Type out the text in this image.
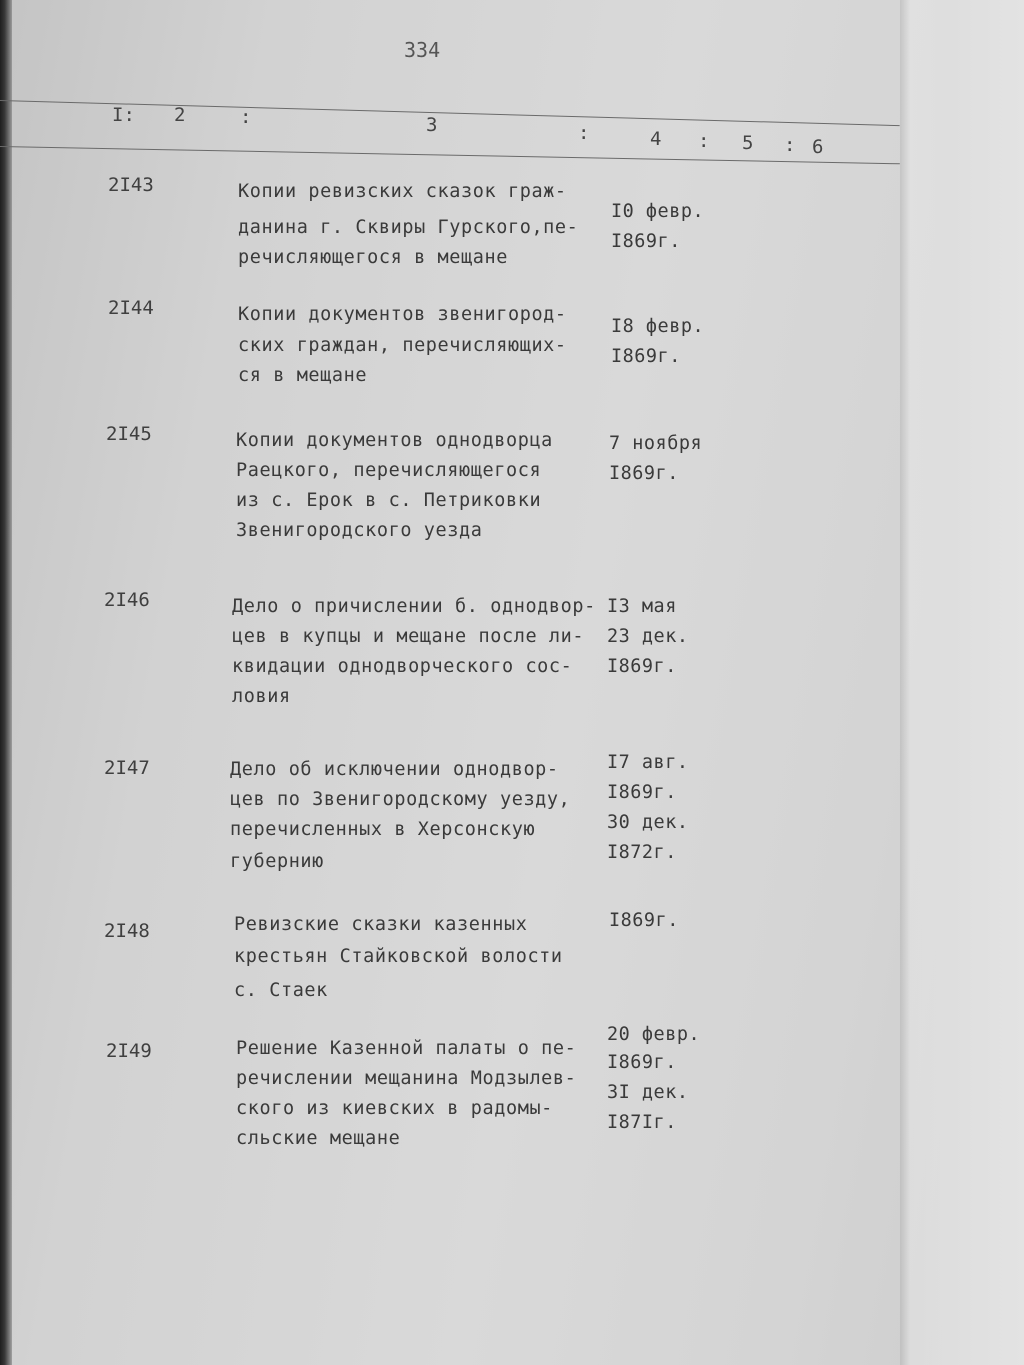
334
I: 2	:	3	:	4 : 5 : 6
2I43	Копии ревизских сказок граж-
данина г. Сквиры Гурского,пе-
речисляющегося в мещане
I0 февр.
I869г.
2I44	Копии документов звенигород-
ских граждан, перечисляющих-
ся в мещане
I8 февр.
I869г.
2I45	Копии документов однодворца
Раецкого, перечисляющегося
из с. Ерок в с. Петриковки
Звенигородского уезда
7 ноября
I869г.
2I46	Дело о причислении б. однодвор-
цев в купцы и мещане после ли-
квидации однодворческого сос-
ловия
I3 мая
23 дек.
I869г.
2I47	Дело об исключении однодвор-
цев по Звенигородскому уезду,
перечисленных в Херсонскую
губернию
I7 авг.
I869г.
30 дек.
I872г.
2I48	Ревизские сказки казенных
крестьян Стайковской волости
с. Стаек
I869г.
2I49	Решение Казенной палаты о пе-
речислении мещанина Модзылев-
ского из киевских в радомы-
сльские мещане
20 февр.
I869г.
3I дек.
I87Iг.
